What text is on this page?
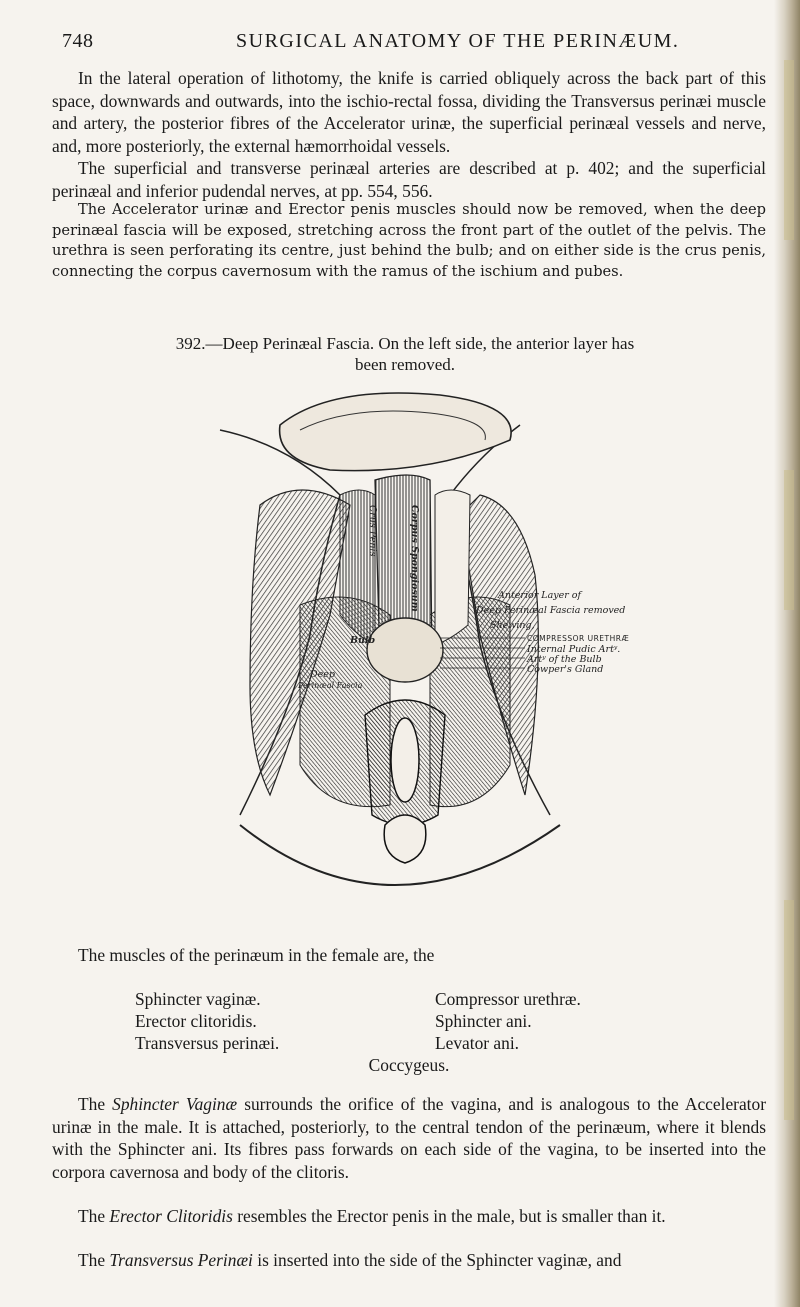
748	SURGICAL ANATOMY OF THE PERINÆUM.

In the lateral operation of lithotomy, the knife is carried obliquely across the back part of this space, downwards and outwards, into the ischio-rectal fossa, dividing the Transversus perinæi muscle and artery, the posterior fibres of the Accelerator urinæ, the superficial perinæal vessels and nerve, and, more posteriorly, the external hæmorrhoidal vessels.

The superficial and transverse perinæal arteries are described at p. 402; and the superficial perinæal and inferior pudendal nerves, at pp. 554, 556.

The Accelerator urinæ and Erector penis muscles should now be removed, when the deep perinæal fascia will be exposed, stretching across the front part of the outlet of the pelvis. The urethra is seen perforating its centre, just behind the bulb; and on either side is the crus penis, connecting the corpus cavernosum with the ramus of the ischium and pubes.

392.—Deep Perinæal Fascia. On the left side, the anterior layer has been removed.
Anterior Layer of
Deep Perinæal Fascia removed
Shewing,
COMPRESSOR URETHRÆ
Internal Pudic Artʸ.
Artʸ of the Bulb
Cowper's Gland
Bulb
Deep
Perinæal Fascia
Corpus Spongiosum
Crus Penis
The muscles of the perinæum in the female are, the
Sphincter vaginæ.
Erector clitoridis.
Transversus perinæi.
Compressor urethræ.
Sphincter ani.
Levator ani.
Coccygeus.

The Sphincter Vaginæ surrounds the orifice of the vagina, and is analogous to the Accelerator urinæ in the male. It is attached, posteriorly, to the central tendon of the perinæum, where it blends with the Sphincter ani. Its fibres pass forwards on each side of the vagina, to be inserted into the corpora cavernosa and body of the clitoris.

The Erector Clitoridis resembles the Erector penis in the male, but is smaller than it.

The Transversus Perinæi is inserted into the side of the Sphincter vaginæ, and
